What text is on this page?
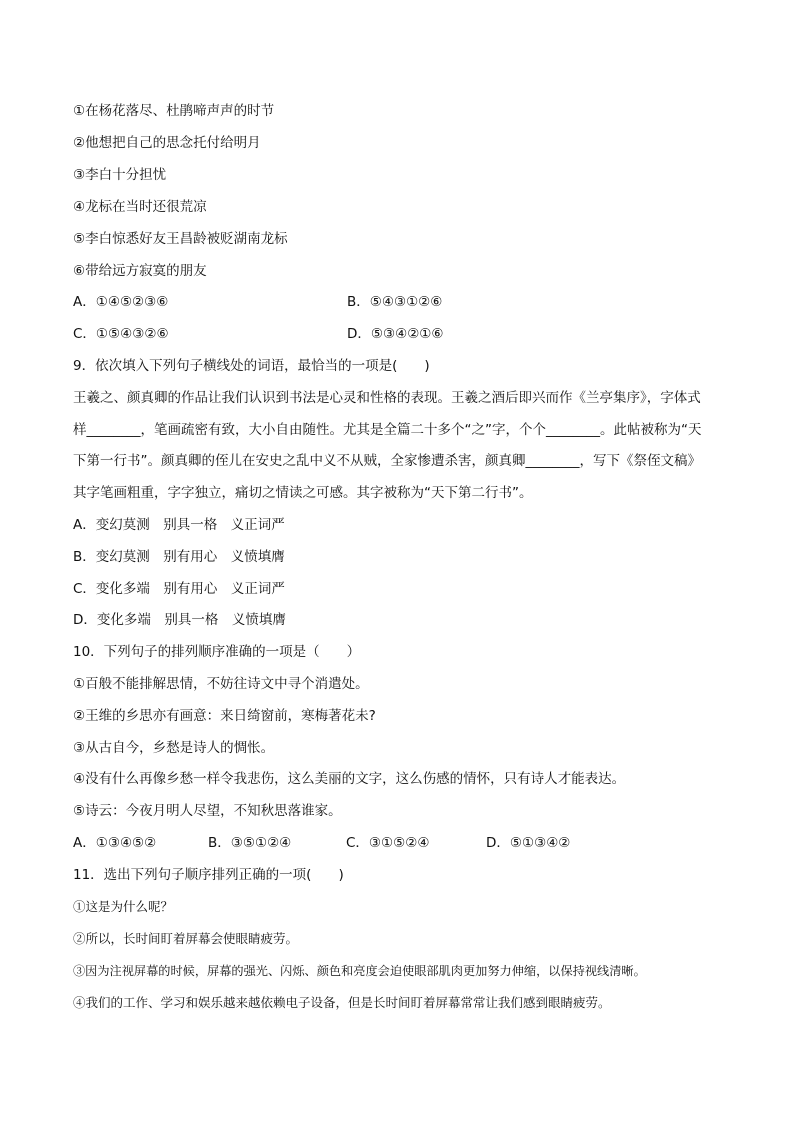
①在杨花落尽、杜鹃啼声声的时节
②他想把自己的思念托付给明月
③李白十分担忧
④龙标在当时还很荒凉
⑤李白惊悉好友王昌龄被贬湖南龙标
⑥带给远方寂寞的朋友
A．①④⑤②③⑥	B．⑤④③①②⑥
C．①⑤④③②⑥	D．⑤③④②①⑥
9．依次填入下列句子横线处的词语，最恰当的一项是(　　)
王羲之、颜真卿的作品让我们认识到书法是心灵和性格的表现。王羲之酒后即兴而作《兰亭集序》，字体式
样________，笔画疏密有致，大小自由随性。尤其是全篇二十多个“之”字，个个________。此帖被称为“天
下第一行书”。颜真卿的侄儿在安史之乱中义不从贼，全家惨遭杀害，颜真卿________，写下《祭侄文稿》
其字笔画粗重，字字独立，痛切之情读之可感。其字被称为“天下第二行书”。
A．变幻莫测　别具一格　义正词严
B．变幻莫测　别有用心　义愤填膺
C．变化多端　别有用心　义正词严
D．变化多端　别具一格　义愤填膺
10．下列句子的排列顺序准确的一项是（　　）
①百般不能排解思情，不妨往诗文中寻个消遣处。
②王维的乡思亦有画意：来日绮窗前，寒梅著花未?
③从古自今，乡愁是诗人的惆怅。
④没有什么再像乡愁一样令我悲伤，这么美丽的文字，这么伤感的情怀，只有诗人才能表达。
⑤诗云：今夜月明人尽望，不知秋思落谁家。
A．①③④⑤②	B．③⑤①②④	C．③①⑤②④	D．⑤①③④②
11．选出下列句子顺序排列正确的一项(　　)
①这是为什么呢？
②所以，长时间盯着屏幕会使眼睛疲劳。
③因为注视屏幕的时候，屏幕的强光、闪烁、颜色和亮度会迫使眼部肌肉更加努力伸缩，以保持视线清晰。
④我们的工作、学习和娱乐越来越依赖电子设备，但是长时间盯着屏幕常常让我们感到眼睛疲劳。
